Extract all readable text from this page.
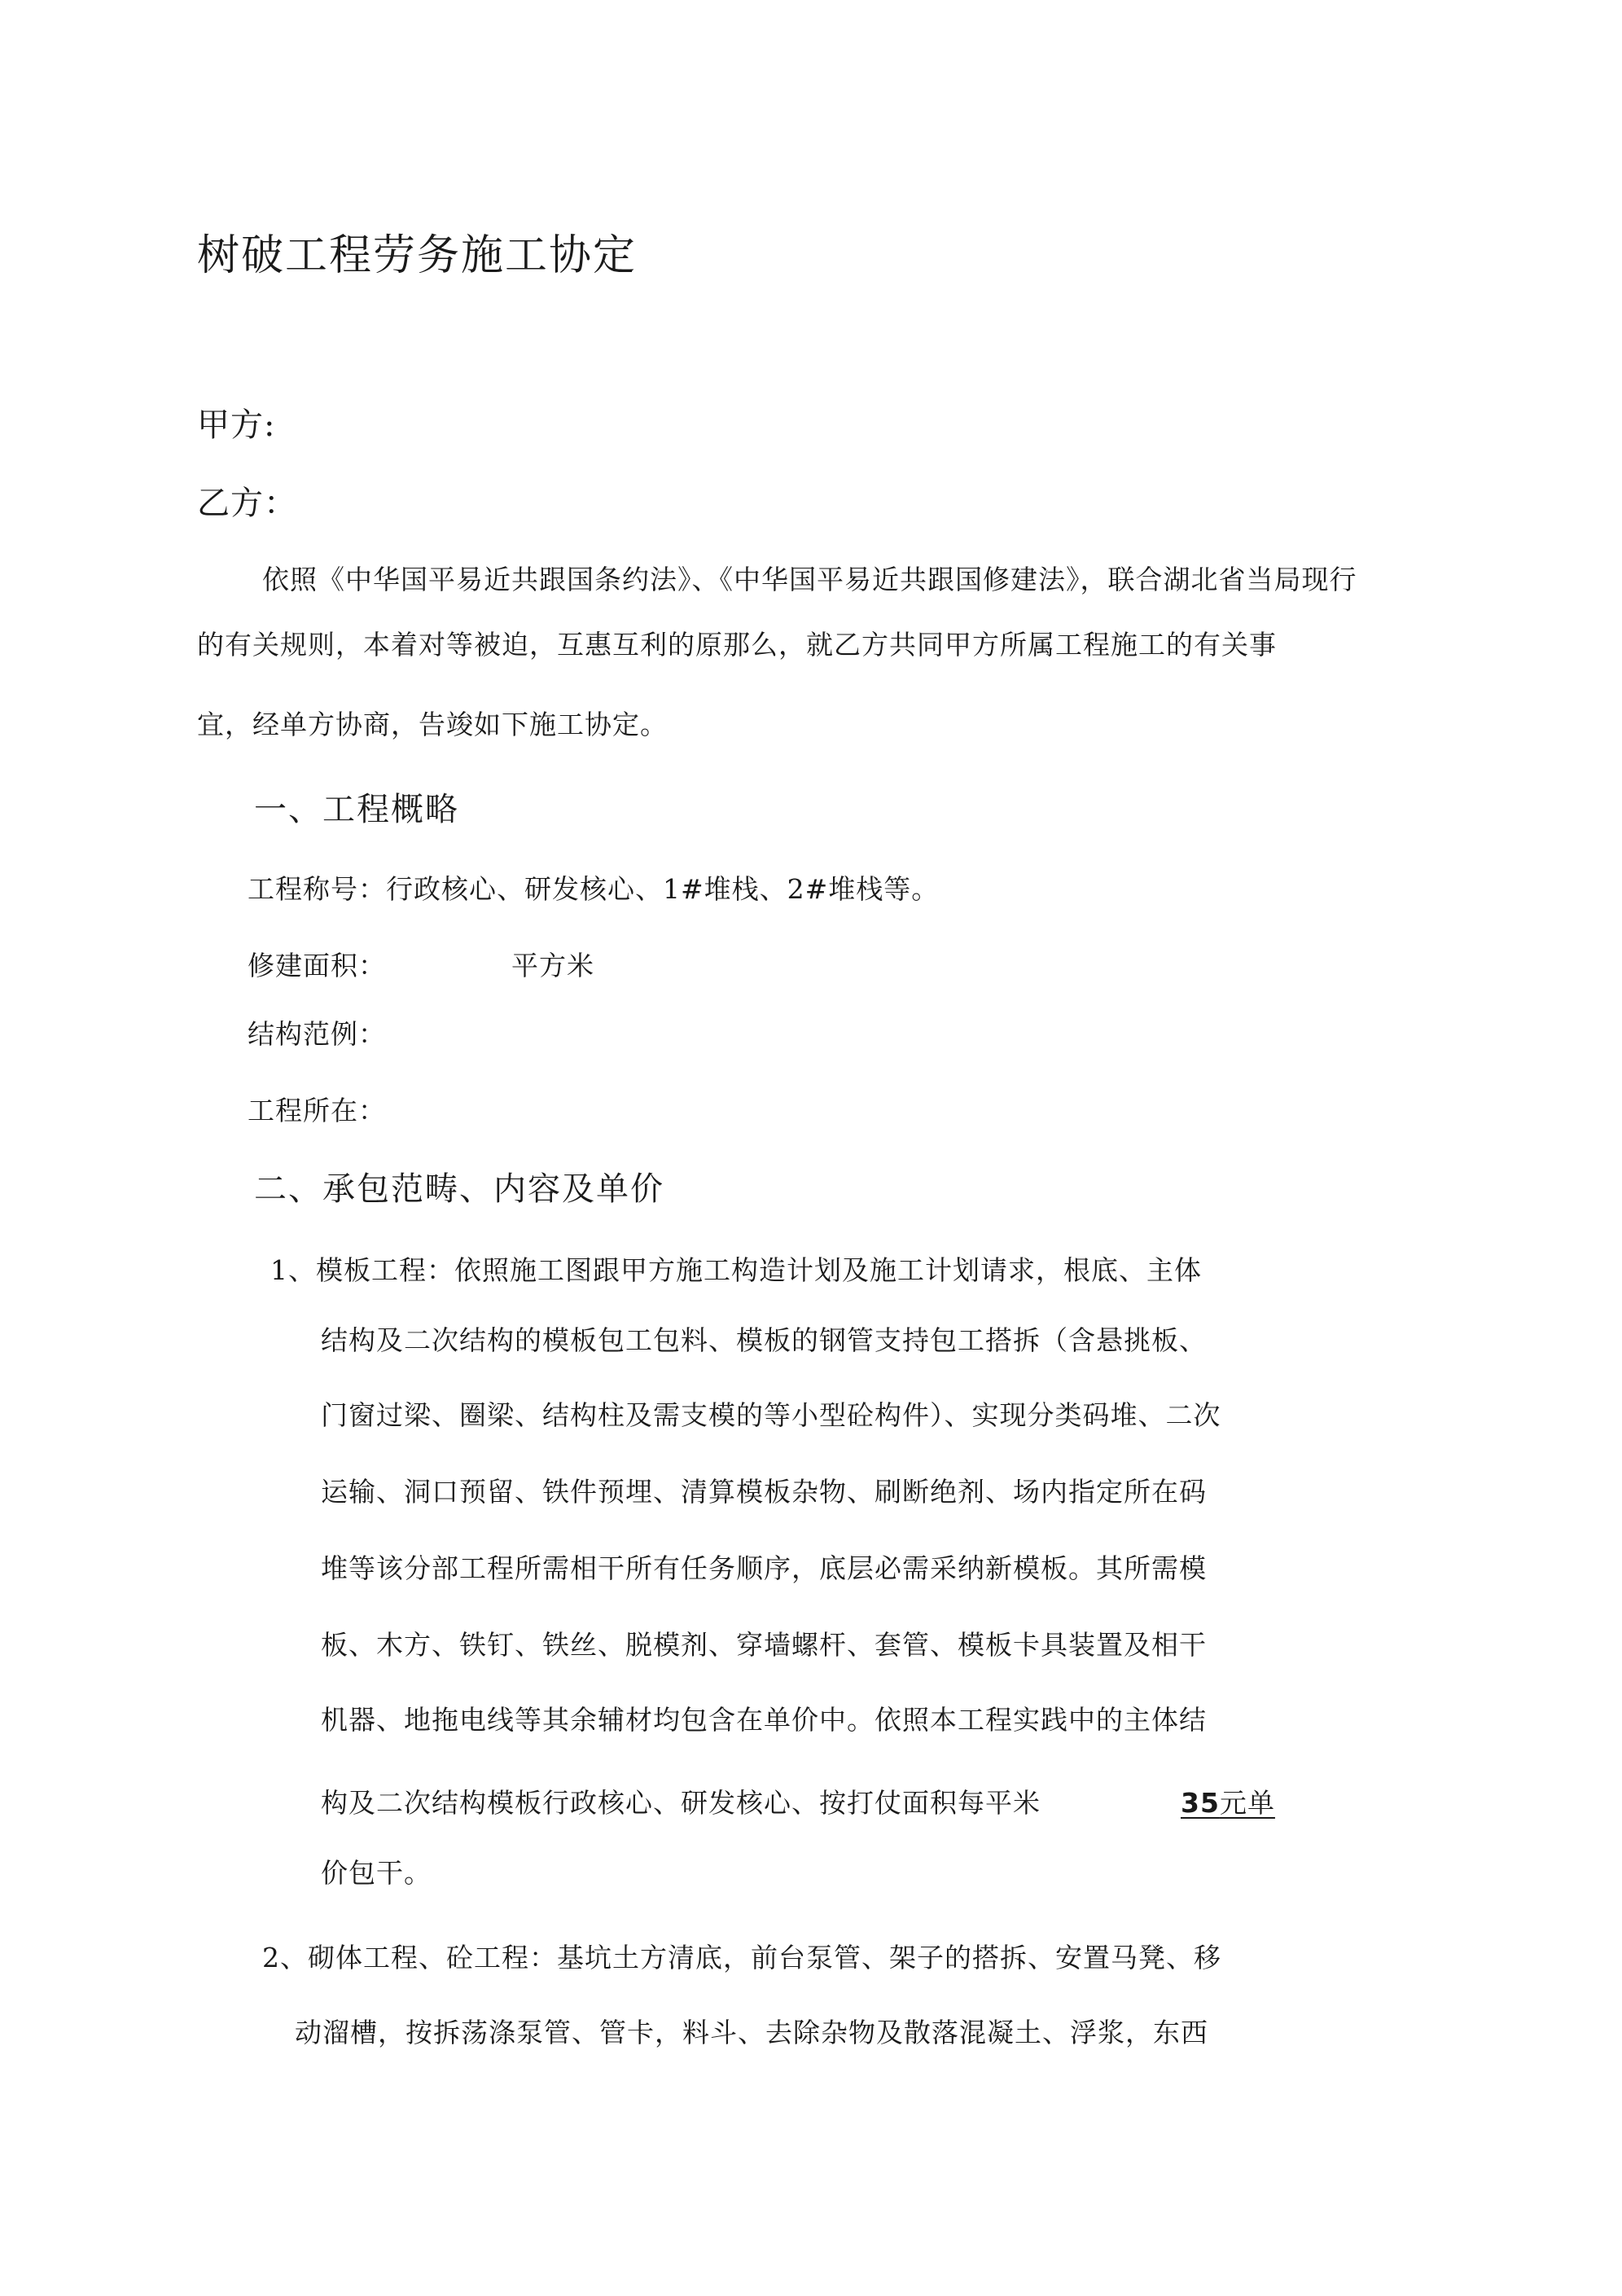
树破工程劳务施工协定
甲方:
乙方：
依照《中华国平易近共跟国条约法》、《中华国平易近共跟国修建法》，联合湖北省当局现行
的有关规则，本着对等被迫，互惠互利的原那么，就乙方共同甲方所属工程施工的有关事
宜，经单方协商，告竣如下施工协定。
一、工程概略
工程称号：行政核心、研发核心、1#堆栈、2#堆栈等。
修建面积：	平方米
结构范例：
工程所在：
二、承包范畴、内容及单价
1、模板工程：依照施工图跟甲方施工构造计划及施工计划请求，根底、主体
结构及二次结构的模板包工包料、模板的钢管支持包工搭拆（含悬挑板、
门窗过梁、圈梁、结构柱及需支模的等小型砼构件）、实现分类码堆、二次
运输、洞口预留、铁件预埋、清算模板杂物、刷断绝剂、场内指定所在码
堆等该分部工程所需相干所有任务顺序，底层必需采纳新模板。其所需模
板、木方、铁钉、铁丝、脱模剂、穿墙螺杆、套管、模板卡具装置及相干
机器、地拖电线等其余辅材均包含在单价中。依照本工程实践中的主体结
构及二次结构模板行政核心、研发核心、按打仗面积每平米	35元单
价包干。
2、砌体工程、砼工程：基坑土方清底，前台泵管、架子的搭拆、安置马凳、移
动溜槽，按拆荡涤泵管、管卡，料斗、去除杂物及散落混凝土、浮浆，东西
